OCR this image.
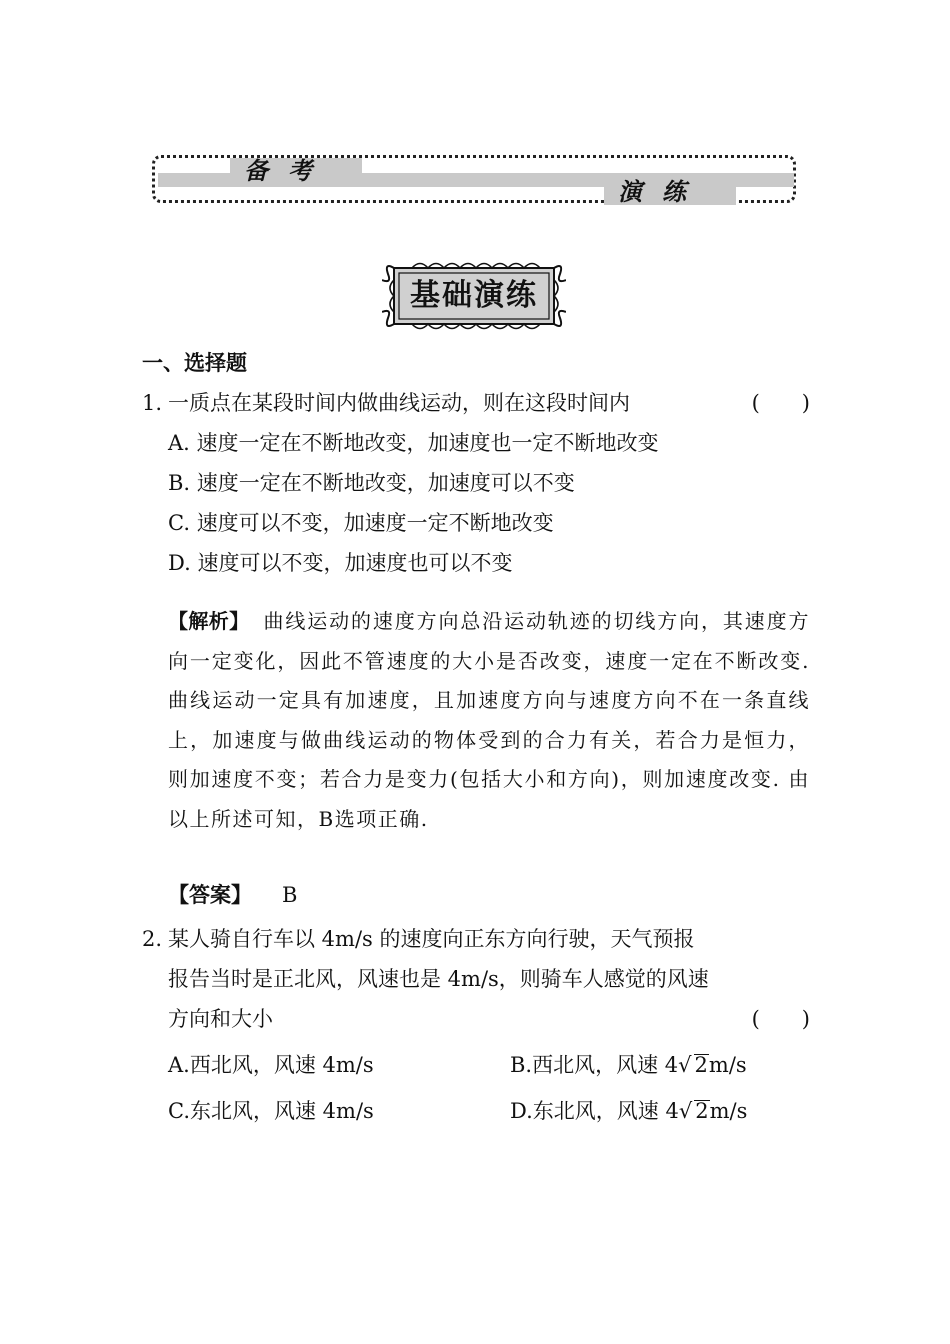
备考
演练
基础演练
一、选择题
1. 一质点在某段时间内做曲线运动，则在这段时间内	(　　)
A. 速度一定在不断地改变，加速度也一定不断地改变
B. 速度一定在不断地改变，加速度可以不变
C. 速度可以不变，加速度一定不断地改变
D. 速度可以不变，加速度也可以不变
【解析】 曲线运动的速度方向总沿运动轨迹的切线方向，其速度方向一定变化，因此不管速度的大小是否改变，速度一定在不断改变. 曲线运动一定具有加速度，且加速度方向与速度方向不在一条直线上，加速度与做曲线运动的物体受到的合力有关，若合力是恒力，则加速度不变；若合力是变力(包括大小和方向)，则加速度改变. 由以上所述可知，B选项正确.
【答案】 B
2. 某人骑自行车以 4m/s 的速度向正东方向行驶，天气预报
报告当时是正北风，风速也是 4m/s，则骑车人感觉的风速
方向和大小	(　　)
A.西北风，风速 4m/s	B.西北风，风速 4√ 2m/s
C.东北风，风速 4m/s	D.东北风，风速 4√ 2m/s
